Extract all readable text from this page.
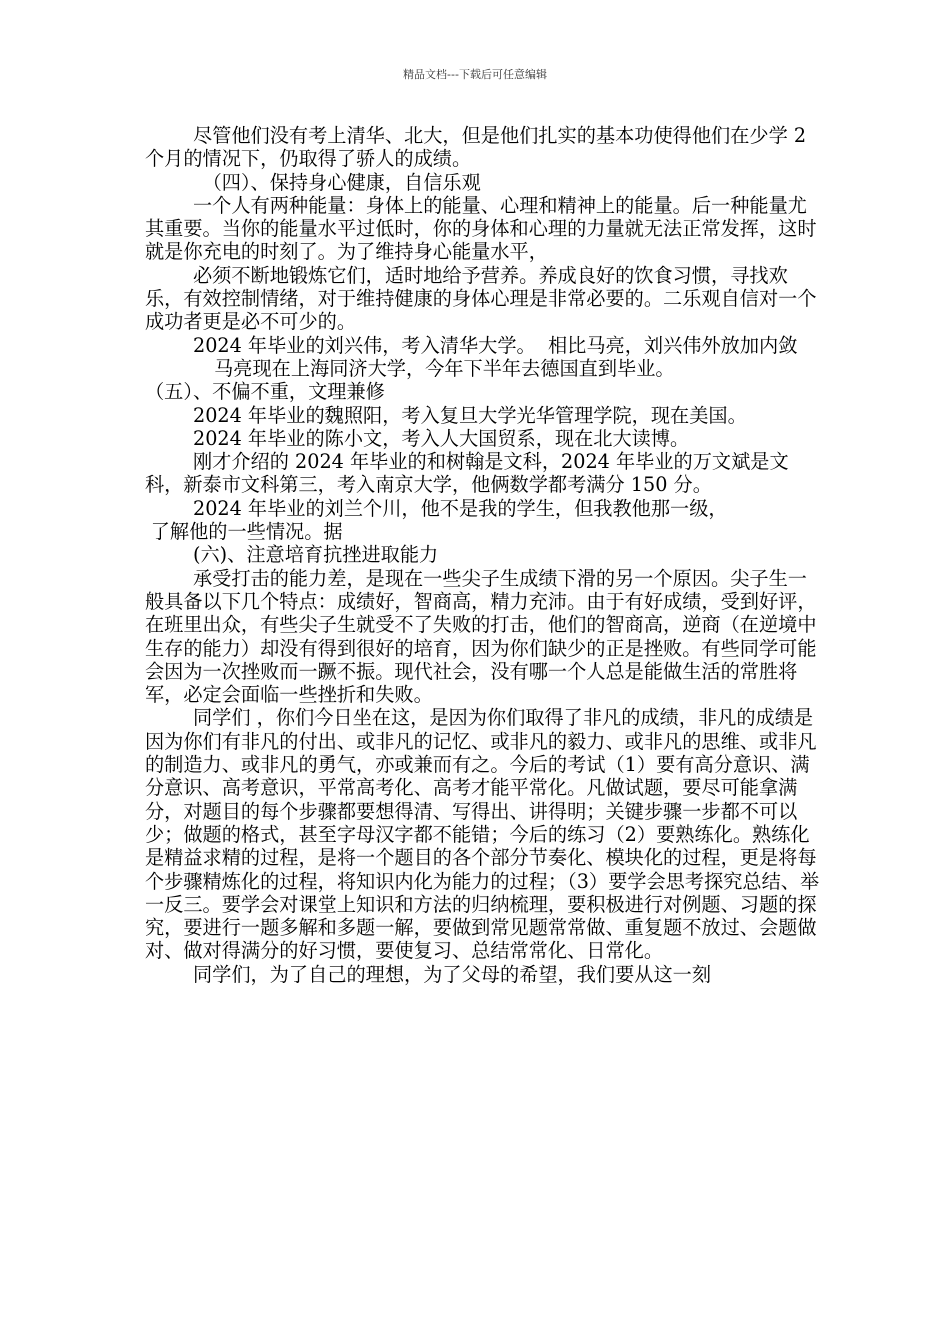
精品文档---下载后可任意编辑

尽管他们没有考上清华、北大，但是他们扎实的基本功使得他们在少学 2 个月的情况下，仍取得了骄人的成绩。

（四）、保持身心健康，自信乐观

一个人有两种能量：身体上的能量、心理和精神上的能量。后一种能量尤其重要。当你的能量水平过低时，你的身体和心理的力量就无法正常发挥，这时就是你充电的时刻了。为了维持身心能量水平，

必须不断地锻炼它们，适时地给予营养。养成良好的饮食习惯，寻找欢乐，有效控制情绪，对于维持健康的身体心理是非常必要的。二乐观自信对一个成功者更是必不可少的。

2024 年毕业的刘兴伟，考入清华大学。  相比马亮，刘兴伟外放加内敛

马亮现在上海同济大学，今年下半年去德国直到毕业。

（五）、不偏不重，文理兼修

2024 年毕业的魏照阳，考入复旦大学光华管理学院，现在美国。

2024 年毕业的陈小文，考入人大国贸系，现在北大读博。

刚才介绍的 2024 年毕业的和树翰是文科，2024 年毕业的万文斌是文科，新泰市文科第三，考入南京大学，他俩数学都考满分 150 分。

2024 年毕业的刘兰个川，他不是我的学生，但我教他那一级，

了解他的一些情况。据

(六)、注意培育抗挫进取能力

承受打击的能力差，是现在一些尖子生成绩下滑的另一个原因。尖子生一般具备以下几个特点：成绩好，智商高，精力充沛。由于有好成绩，受到好评，在班里出众，有些尖子生就受不了失败的打击，他们的智商高，逆商（在逆境中生存的能力）却没有得到很好的培育，因为你们缺少的正是挫败。有些同学可能会因为一次挫败而一蹶不振。现代社会，没有哪一个人总是能做生活的常胜将军，必定会面临一些挫折和失败。

同学们 ，你们今日坐在这，是因为你们取得了非凡的成绩，非凡的成绩是因为你们有非凡的付出、或非凡的记忆、或非凡的毅力、或非凡的思维、或非凡的制造力、或非凡的勇气，亦或兼而有之。今后的考试（1）要有高分意识、满分意识、高考意识，平常高考化、高考才能平常化。凡做试题，要尽可能拿满分，对题目的每个步骤都要想得清、写得出、讲得明；关键步骤一步都不可以少；做题的格式，甚至字母汉字都不能错；今后的练习（2）要熟练化。熟练化是精益求精的过程，是将一个题目的各个部分节奏化、模块化的过程，更是将每个步骤精炼化的过程，将知识内化为能力的过程；（3）要学会思考探究总结、举一反三。要学会对课堂上知识和方法的归纳梳理，要积极进行对例题、习题的探究，要进行一题多解和多题一解，要做到常见题常常做、重复题不放过、会题做对、做对得满分的好习惯，要使复习、总结常常化、日常化。

同学们，为了自己的理想，为了父母的希望，我们要从这一刻
